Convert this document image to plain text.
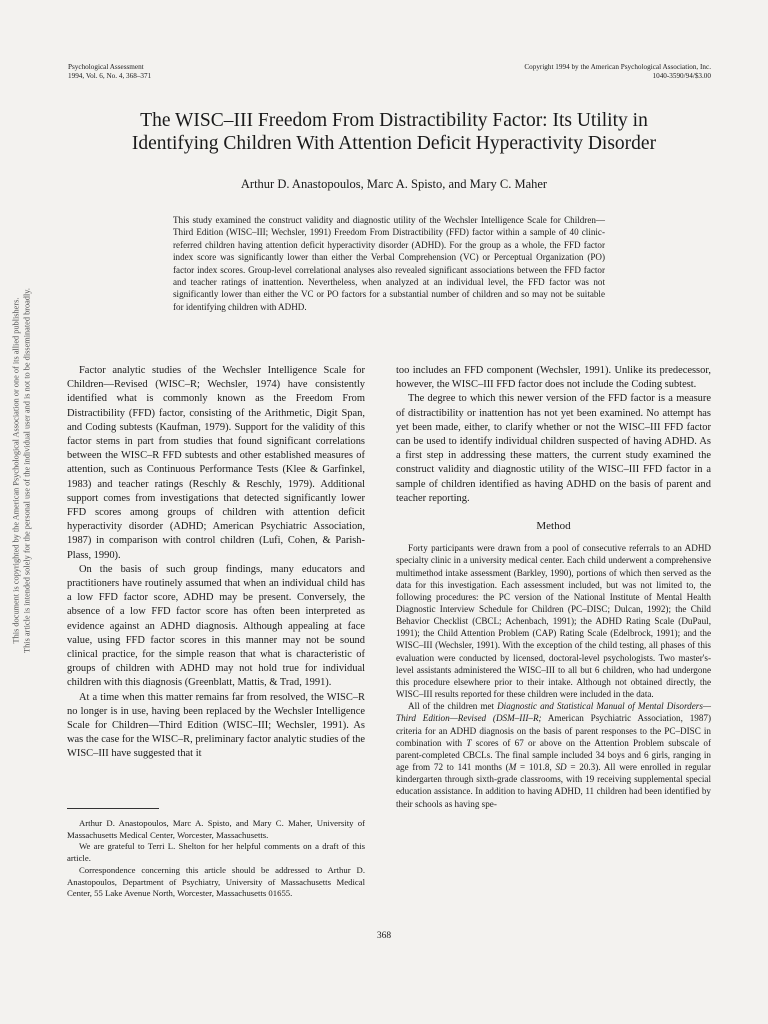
Psychological Assessment
1994, Vol. 6, No. 4, 368–371
Copyright 1994 by the American Psychological Association, Inc.
1040-3590/94/$3.00
The WISC–III Freedom From Distractibility Factor: Its Utility in
Identifying Children With Attention Deficit Hyperactivity Disorder
Arthur D. Anastopoulos, Marc A. Spisto, and Mary C. Maher
This study examined the construct validity and diagnostic utility of the Wechsler Intelligence Scale for Children—Third Edition (WISC–III; Wechsler, 1991) Freedom From Distractibility (FFD) factor within a sample of 40 clinic-referred children having attention deficit hyperactivity disorder (ADHD). For the group as a whole, the FFD factor index score was significantly lower than either the Verbal Comprehension (VC) or Perceptual Organization (PO) factor index scores. Group-level correlational analyses also revealed significant associations between the FFD factor and teacher ratings of inattention. Nevertheless, when analyzed at an individual level, the FFD factor was not significantly lower than either the VC or PO factors for a substantial number of children and so may not be suitable for identifying children with ADHD.

Factor analytic studies of the Wechsler Intelligence Scale for Children—Revised (WISC–R; Wechsler, 1974) have consistently identified what is commonly known as the Freedom From Distractibility (FFD) factor, consisting of the Arithmetic, Digit Span, and Coding subtests (Kaufman, 1979). Support for the validity of this factor stems in part from studies that found significant correlations between the WISC–R FFD subtests and other established measures of attention, such as Continuous Performance Tests (Klee & Garfinkel, 1983) and teacher ratings (Reschly & Reschly, 1979). Additional support comes from investigations that detected significantly lower FFD scores among groups of children with attention deficit hyperactivity disorder (ADHD; American Psychiatric Association, 1987) in comparison with control children (Lufi, Cohen, & Parish-Plass, 1990).

On the basis of such group findings, many educators and practitioners have routinely assumed that when an individual child has a low FFD factor score, ADHD may be present. Conversely, the absence of a low FFD factor score has often been interpreted as evidence against an ADHD diagnosis. Although appealing at face value, using FFD factor scores in this manner may not be sound clinical practice, for the simple reason that what is characteristic of groups of children with ADHD may not hold true for individual children with this diagnosis (Greenblatt, Mattis, & Trad, 1991).

At a time when this matter remains far from resolved, the WISC–R no longer is in use, having been replaced by the Wechsler Intelligence Scale for Children—Third Edition (WISC–III; Wechsler, 1991). As was the case for the WISC–R, preliminary factor analytic studies of the WISC–III have suggested that it

Arthur D. Anastopoulos, Marc A. Spisto, and Mary C. Maher, University of Massachusetts Medical Center, Worcester, Massachusetts.

We are grateful to Terri L. Shelton for her helpful comments on a draft of this article.

Correspondence concerning this article should be addressed to Arthur D. Anastopoulos, Department of Psychiatry, University of Massachusetts Medical Center, 55 Lake Avenue North, Worcester, Massachusetts 01655.

too includes an FFD component (Wechsler, 1991). Unlike its predecessor, however, the WISC–III FFD factor does not include the Coding subtest.

The degree to which this newer version of the FFD factor is a measure of distractibility or inattention has not yet been examined. No attempt has yet been made, either, to clarify whether or not the WISC–III FFD factor can be used to identify individual children suspected of having ADHD. As a first step in addressing these matters, the current study examined the construct validity and diagnostic utility of the WISC–III FFD factor in a sample of children identified as having ADHD on the basis of parent and teacher reporting.

Method

Forty participants were drawn from a pool of consecutive referrals to an ADHD specialty clinic in a university medical center. Each child underwent a comprehensive multimethod intake assessment (Barkley, 1990), portions of which then served as the data for this investigation. Each assessment included, but was not limited to, the following procedures: the PC version of the National Institute of Mental Health Diagnostic Interview Schedule for Children (PC–DISC; Dulcan, 1992); the Child Behavior Checklist (CBCL; Achenbach, 1991); the ADHD Rating Scale (DuPaul, 1991); the Child Attention Problem (CAP) Rating Scale (Edelbrock, 1991); and the WISC–III (Wechsler, 1991). With the exception of the child testing, all phases of this evaluation were conducted by licensed, doctoral-level psychologists. Two master's-level assistants administered the WISC–III to all but 6 children, who had undergone this procedure elsewhere prior to their intake. Although not obtained directly, the WISC–III results reported for these children were included in the data.

All of the children met Diagnostic and Statistical Manual of Mental Disorders—Third Edition—Revised (DSM–III–R; American Psychiatric Association, 1987) criteria for an ADHD diagnosis on the basis of parent responses to the PC–DISC in combination with T scores of 67 or above on the Attention Problem subscale of parent-completed CBCLs. The final sample included 34 boys and 6 girls, ranging in age from 72 to 141 months (M = 101.8, SD = 20.3). All were enrolled in regular kindergarten through sixth-grade classrooms, with 19 receiving supplemental special education assistance. In addition to having ADHD, 11 children had been identified by their schools as having spe-

368
This document is copyrighted by the American Psychological Association or one of its allied publishers. This article is intended solely for the personal use of the individual user and is not to be disseminated broadly.
